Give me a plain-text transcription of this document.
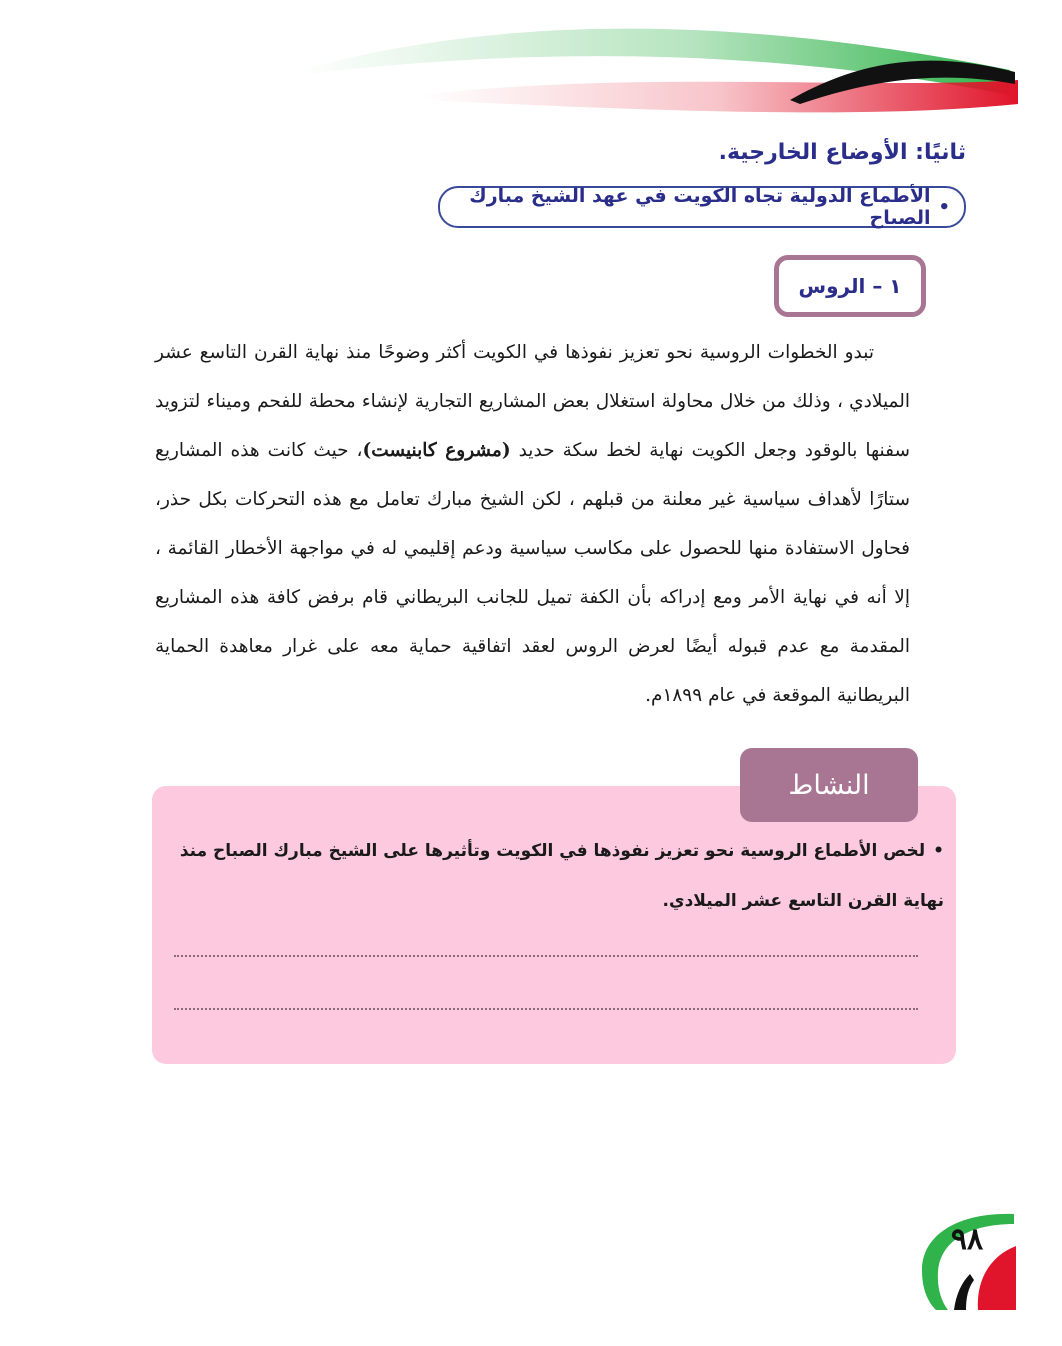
ثانيًا: الأوضاع الخارجية.
•
الأطماع الدولية تجاه الكويت في عهد الشيخ مبارك الصباح
١ – الروس

تبدو الخطوات الروسية نحو تعزيز نفوذها في الكويت أكثر وضوحًا منذ نهاية القرن التاسع عشر الميلادي ، وذلك من خلال محاولة استغلال بعض المشاريع التجارية لإنشاء محطة للفحم وميناء لتزويد سفنها بالوقود وجعل الكويت نهاية لخط سكة حديد (مشروع كابنيست)، حيث كانت هذه المشاريع ستارًا لأهداف سياسية غير معلنة من قبلهم ، لكن الشيخ مبارك تعامل مع هذه التحركات بكل حذر، فحاول الاستفادة منها للحصول على مكاسب سياسية ودعم إقليمي له في مواجهة الأخطار القائمة ، إلا أنه في نهاية الأمر ومع إدراكه بأن الكفة تميل للجانب البريطاني قام برفض كافة هذه المشاريع المقدمة مع عدم قبوله أيضًا لعرض الروس لعقد اتفاقية حماية معه على غرار معاهدة الحماية البريطانية الموقعة في عام ١٨٩٩م.

النشاط

•لخص الأطماع الروسية نحو تعزيز نفوذها في الكويت وتأثيرها على الشيخ مبارك الصباح منذ نهاية القرن التاسع عشر الميلادي.

٩٨
